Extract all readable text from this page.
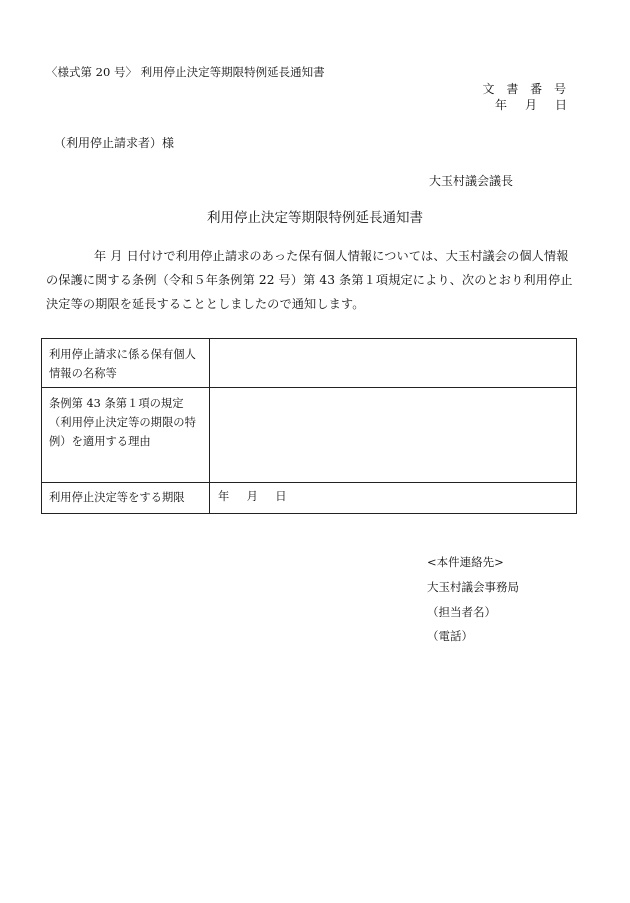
〈様式第 20 号〉 利用停止決定等期限特例延長通知書
文 書 番 号
年　月　日
（利用停止請求者）様
大玉村議会議長
利用停止決定等期限特例延長通知書
年 月 日付けで利用停止請求のあった保有個人情報については、大玉村議会の個人情報の保護に関する条例（令和５年条例第 22 号）第 43 条第１項規定により、次のとおり利用停止決定等の期限を延長することとしましたので通知します。
利用停止請求に係る保有個人情報の名称等	
条例第 43 条第１項の規定（利用停止決定等の期限の特例）を適用する理由	
利用停止決定等をする期限	年　月　日
<本件連絡先>
大玉村議会事務局
（担当者名）
（電話）
